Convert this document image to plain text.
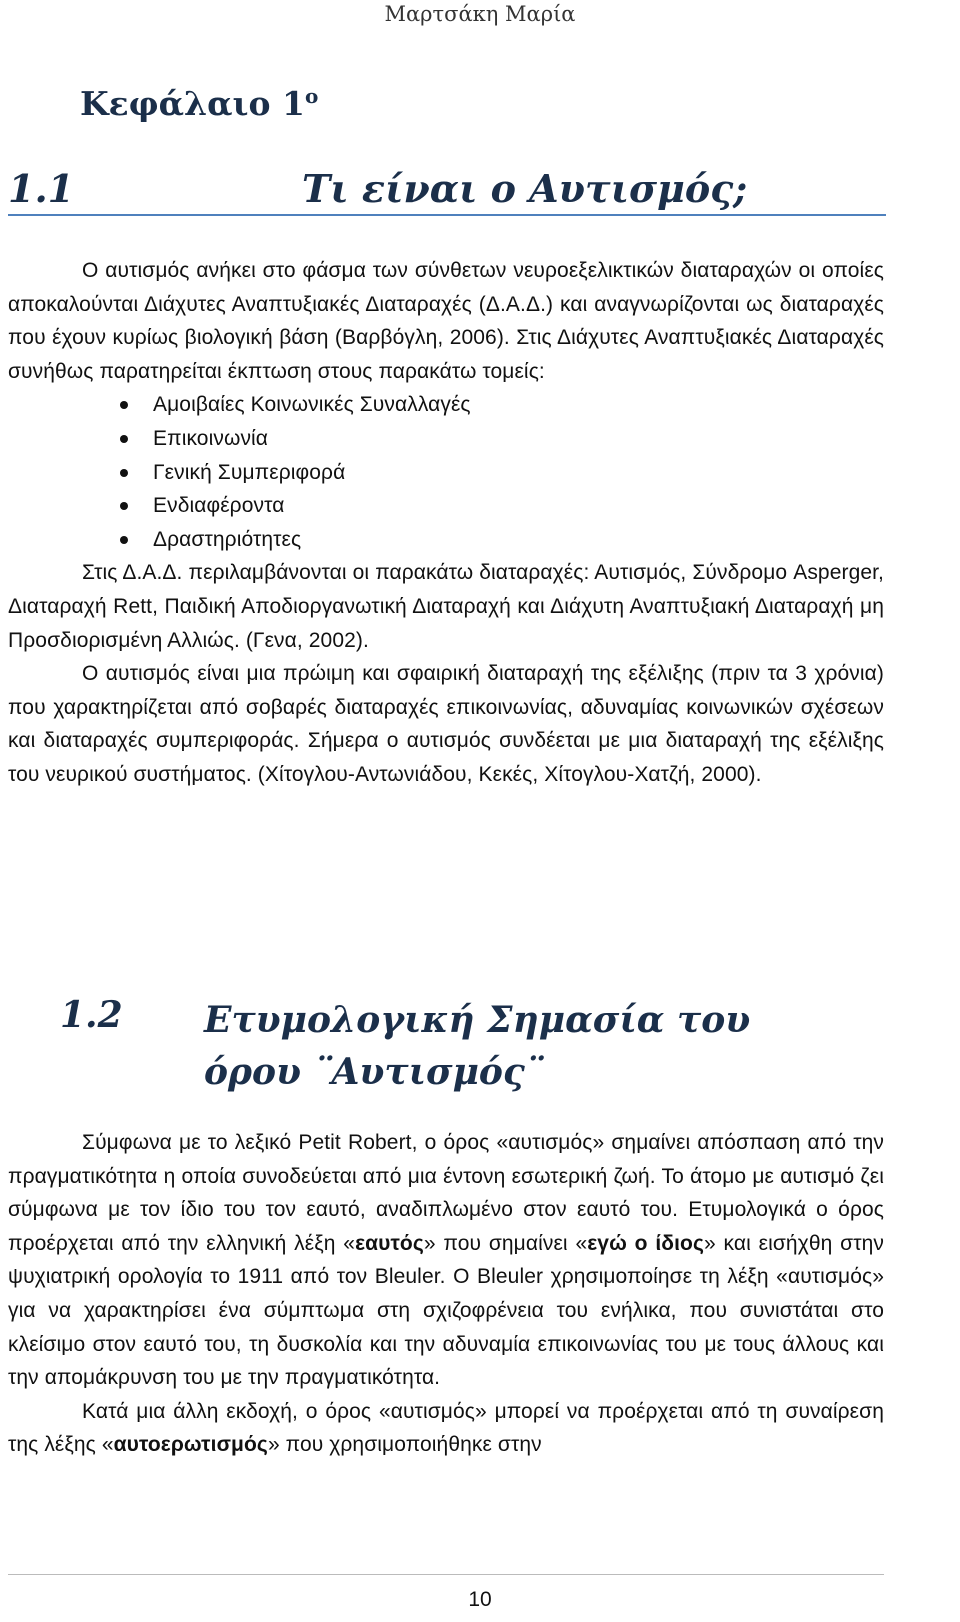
Μαρτσάκη Μαρία
Κεφάλαιο $1^o$
1.1	Τι είναι ο Αυτισμός;

Ο αυτισμός ανήκει στο φάσμα των σύνθετων νευροεξελικτικών διαταραχών οι οποίες αποκαλούνται Διάχυτες Αναπτυξιακές Διαταραχές (Δ.Α.Δ.) και αναγνωρίζονται ως διαταραχές που έχουν κυρίως βιολογική βάση (Βαρβόγλη, 2006). Στις Διάχυτες Αναπτυξιακές Διαταραχές συνήθως παρατηρείται έκπτωση στους παρακάτω τομείς:

Αμοιβαίες Κοινωνικές Συναλλαγές
Επικοινωνία
Γενική Συμπεριφορά
Ενδιαφέροντα
Δραστηριότητες

Στις Δ.Α.Δ. περιλαμβάνονται οι παρακάτω διαταραχές: Αυτισμός, Σύνδρομο Asperger, Διαταραχή Rett, Παιδική Αποδιοργανωτική Διαταραχή και Διάχυτη Αναπτυξιακή Διαταραχή μη Προσδιορισμένη Αλλιώς. (Γενα, 2002).

Ο αυτισμός είναι μια πρώιμη και σφαιρική διαταραχή της εξέλιξης (πριν τα 3 χρόνια) που χαρακτηρίζεται από σοβαρές διαταραχές επικοινωνίας, αδυναμίας κοινωνικών σχέσεων και διαταραχές συμπεριφοράς. Σήμερα ο αυτισμός συνδέεται με μια διαταραχή της εξέλιξης του νευρικού συστήματος. (Χίτογλου-Αντωνιάδου, Κεκές, Χίτογλου-Χατζή, 2000).

1.2 Ετυμολογική Σημασία του όρου ¨Αυτισμός¨

Σύμφωνα με το λεξικό Petit Robert, ο όρος «αυτισμός» σημαίνει απόσπαση από την πραγματικότητα η οποία συνοδεύεται από μια έντονη εσωτερική ζωή. Το άτομο με αυτισμό ζει σύμφωνα με τον ίδιο του τον εαυτό, αναδιπλωμένο στον εαυτό του. Ετυμολογικά ο όρος προέρχεται από την ελληνική λέξη «εαυτός» που σημαίνει «εγώ ο ίδιος» και εισήχθη στην ψυχιατρική ορολογία το 1911 από τον Bleuler. Ο Bleuler χρησιμοποίησε τη λέξη «αυτισμός» για να χαρακτηρίσει ένα σύμπτωμα στη σχιζοφρένεια του ενήλικα, που συνιστάται στο κλείσιμο στον εαυτό του, τη δυσκολία και την αδυναμία επικοινωνίας του με τους άλλους και την απομάκρυνση του με την πραγματικότητα.

Κατά μια άλλη εκδοχή, ο όρος «αυτισμός» μπορεί να προέρχεται από τη συναίρεση της λέξης «αυτοερωτισμός» που χρησιμοποιήθηκε στην

10
